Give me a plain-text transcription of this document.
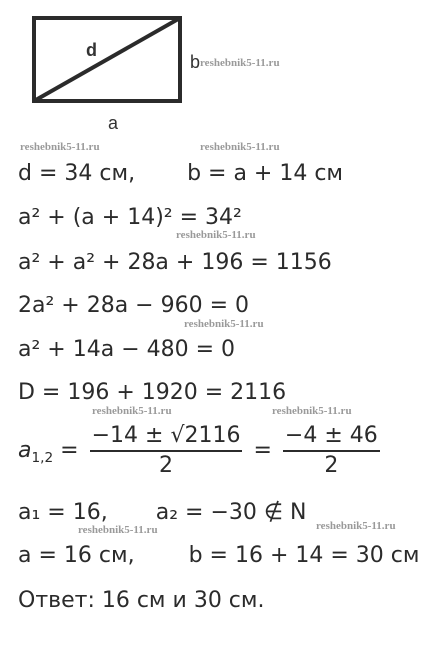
d
b
a
reshebnik5-11.ru
reshebnik5-11.ru	reshebnik5-11.ru
reshebnik5-11.ru
reshebnik5-11.ru
reshebnik5-11.ru	reshebnik5-11.ru
reshebnik5-11.ru	reshebnik5-11.ru
d = 34 см, b = a + 14 см
a² + (a + 14)² = 34²
a² + a² + 28a + 196 = 1156
2a² + 28a − 960 = 0
a² + 14a − 480 = 0
D = 196 + 1920 = 2116
$a_{1,2} = \frac{-14 \pm √2116}{2} = \frac{-4 \pm 46}{2}$
a₁ = 16, a₂ = −30 ∉ N
a = 16 см, b = 16 + 14 = 30 см
Ответ: 16 см и 30 см.
